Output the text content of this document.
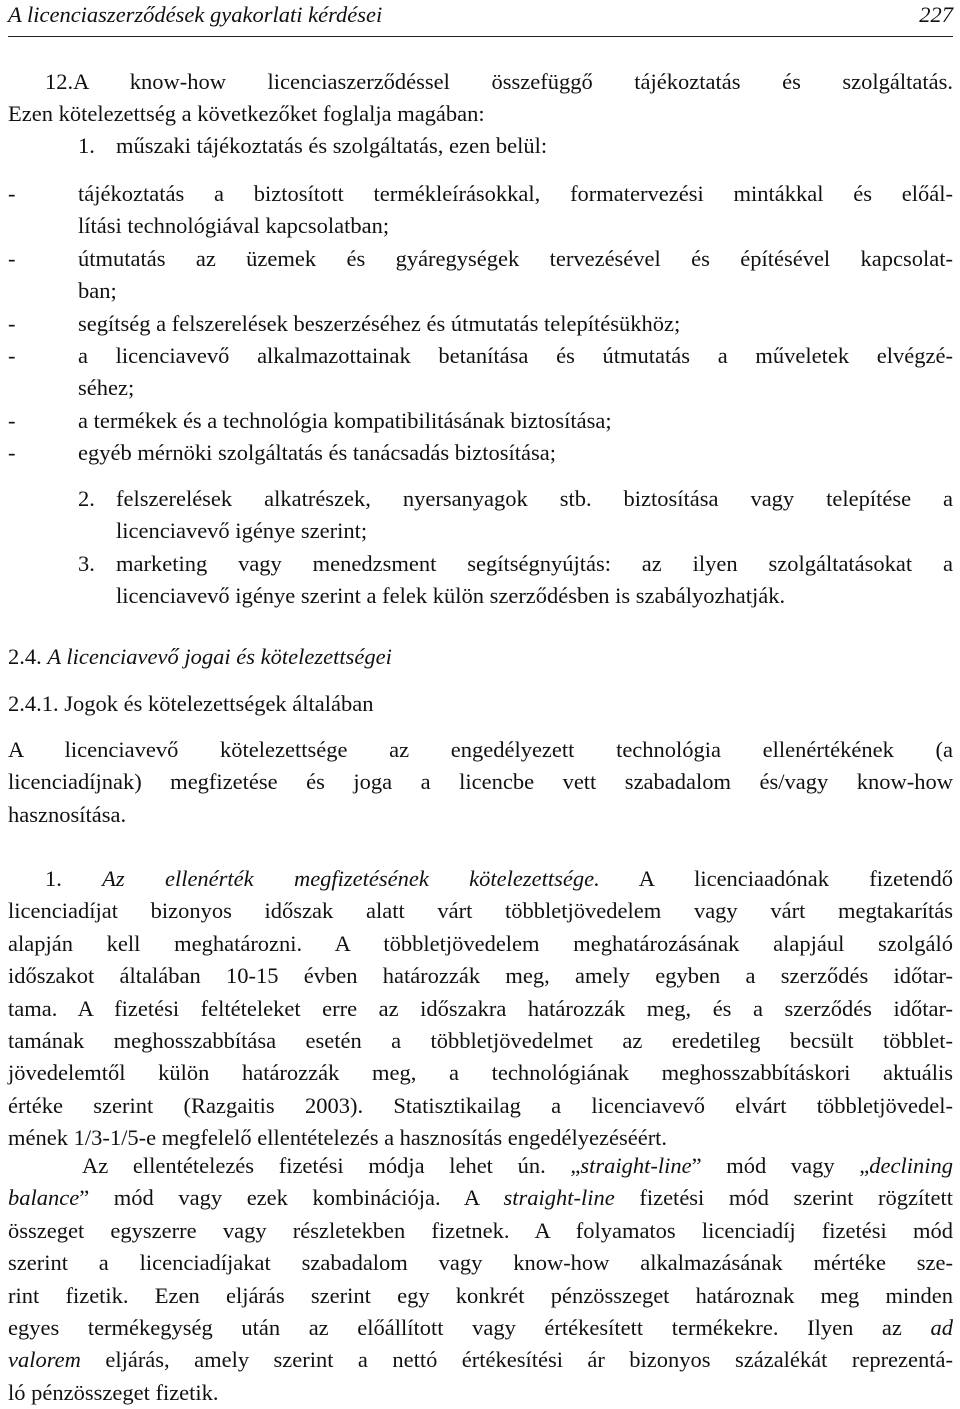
A licenciaszerződések gyakorlati kérdései	227
12.A know-how licenciaszerződéssel összefüggő tájékoztatás és szolgáltatás.
Ezen kötelezettség a következőket foglalja magában:
1. műszaki tájékoztatás és szolgáltatás, ezen belül:
-	tájékoztatás a biztosított termékleírásokkal, formatervezési mintákkal és előál-
lítási technológiával kapcsolatban;
-	útmutatás az üzemek és gyáregységek tervezésével és építésével kapcsolat-
ban;
-	segítség a felszerelések beszerzéséhez és útmutatás telepítésükhöz;
-	a licenciavevő alkalmazottainak betanítása és útmutatás a műveletek elvégzé-
séhez;
-	a termékek és a technológia kompatibilitásának biztosítása;
-	egyéb mérnöki szolgáltatás és tanácsadás biztosítása;
2. felszerelések alkatrészek, nyersanyagok stb. biztosítása vagy telepítése a
licenciavevő igénye szerint;
3. marketing vagy menedzsment segítségnyújtás: az ilyen szolgáltatásokat a
licenciavevő igénye szerint a felek külön szerződésben is szabályozhatják.
2.4. A licenciavevő jogai és kötelezettségei
2.4.1. Jogok és kötelezettségek általában
A licenciavevő kötelezettsége az engedélyezett technológia ellenértékének (a
licenciadíjnak) megfizetése és joga a licencbe vett szabadalom és/vagy know-how
hasznosítása.
1. Az ellenérték megfizetésének kötelezettsége. A licenciaadónak fizetendő
licenciadíjat bizonyos időszak alatt várt többletjövedelem vagy várt megtakarítás
alapján kell meghatározni. A többletjövedelem meghatározásának alapjául szolgáló
időszakot általában 10-15 évben határozzák meg, amely egyben a szerződés időtar-
tama. A fizetési feltételeket erre az időszakra határozzák meg, és a szerződés időtar-
tamának meghosszabbítása esetén a többletjövedelmet az eredetileg becsült többlet-
jövedelemtől külön határozzák meg, a technológiának meghosszabbításkori aktuális
értéke szerint (Razgaitis 2003). Statisztikailag a licenciavevő elvárt többletjövedel-
mének 1/3-1/5-e megfelelő ellentételezés a hasznosítás engedélyezéséért.
Az ellentételezés fizetési módja lehet ún. „straight-line” mód vagy „declining
balance” mód vagy ezek kombinációja. A straight-line fizetési mód szerint rögzített
összeget egyszerre vagy részletekben fizetnek. A folyamatos licenciadíj fizetési mód
szerint a licenciadíjakat szabadalom vagy know-how alkalmazásának mértéke sze-
rint fizetik. Ezen eljárás szerint egy konkrét pénzösszeget határoznak meg minden
egyes termékegység után az előállított vagy értékesített termékekre. Ilyen az ad
valorem eljárás, amely szerint a nettó értékesítési ár bizonyos százalékát reprezentá-
ló pénzösszeget fizetik.
